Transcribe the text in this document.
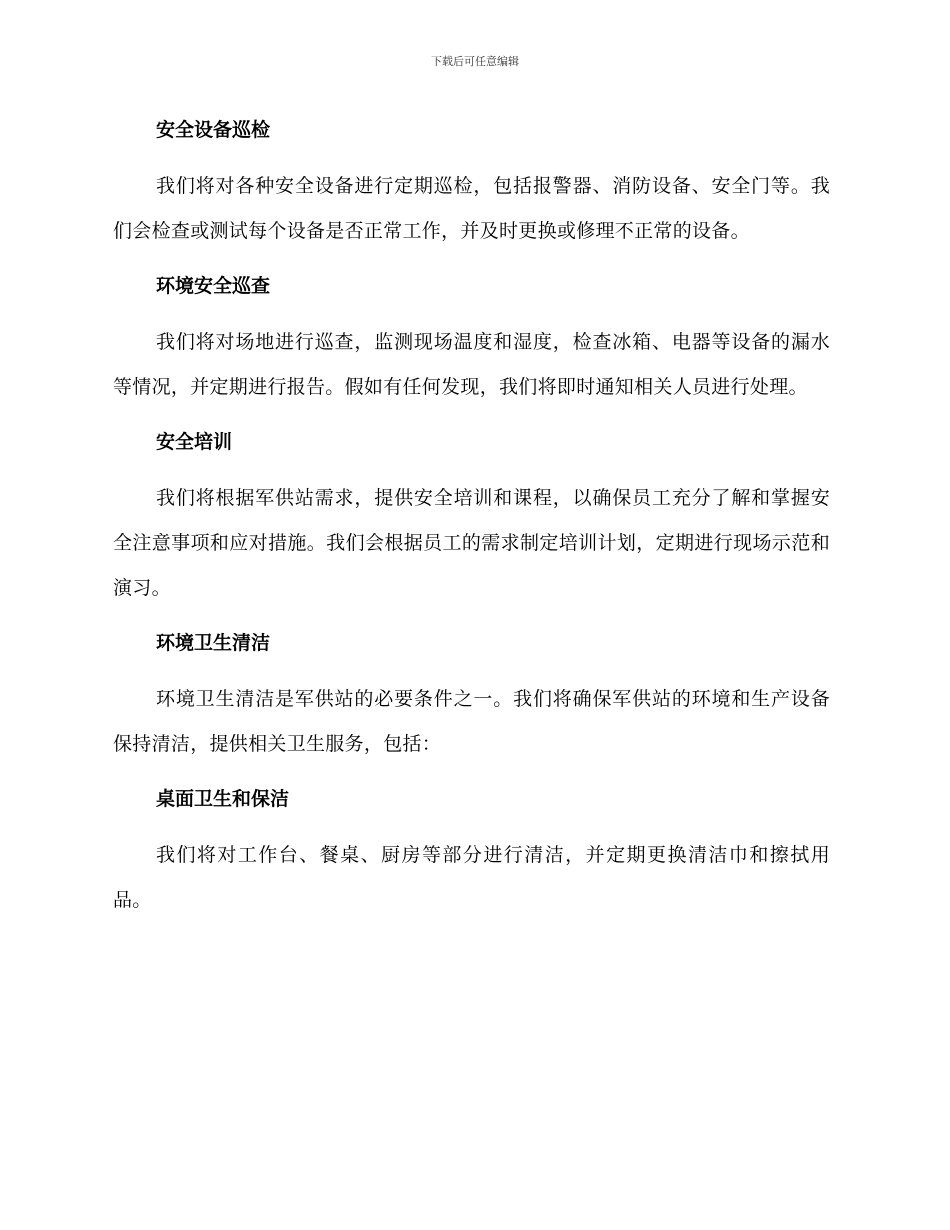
下载后可任意编辑
安全设备巡检

我们将对各种安全设备进行定期巡检，包括报警器、消防设备、安全门等。我们会检查或测试每个设备是否正常工作，并及时更换或修理不正常的设备。

环境安全巡查

我们将对场地进行巡查，监测现场温度和湿度，检查冰箱、电器等设备的漏水等情况，并定期进行报告。假如有任何发现，我们将即时通知相关人员进行处理。

安全培训

我们将根据军供站需求，提供安全培训和课程，以确保员工充分了解和掌握安全注意事项和应对措施。我们会根据员工的需求制定培训计划，定期进行现场示范和演习。

环境卫生清洁

环境卫生清洁是军供站的必要条件之一。我们将确保军供站的环境和生产设备保持清洁，提供相关卫生服务，包括：

桌面卫生和保洁

我们将对工作台、餐桌、厨房等部分进行清洁，并定期更换清洁巾和擦拭用品。
